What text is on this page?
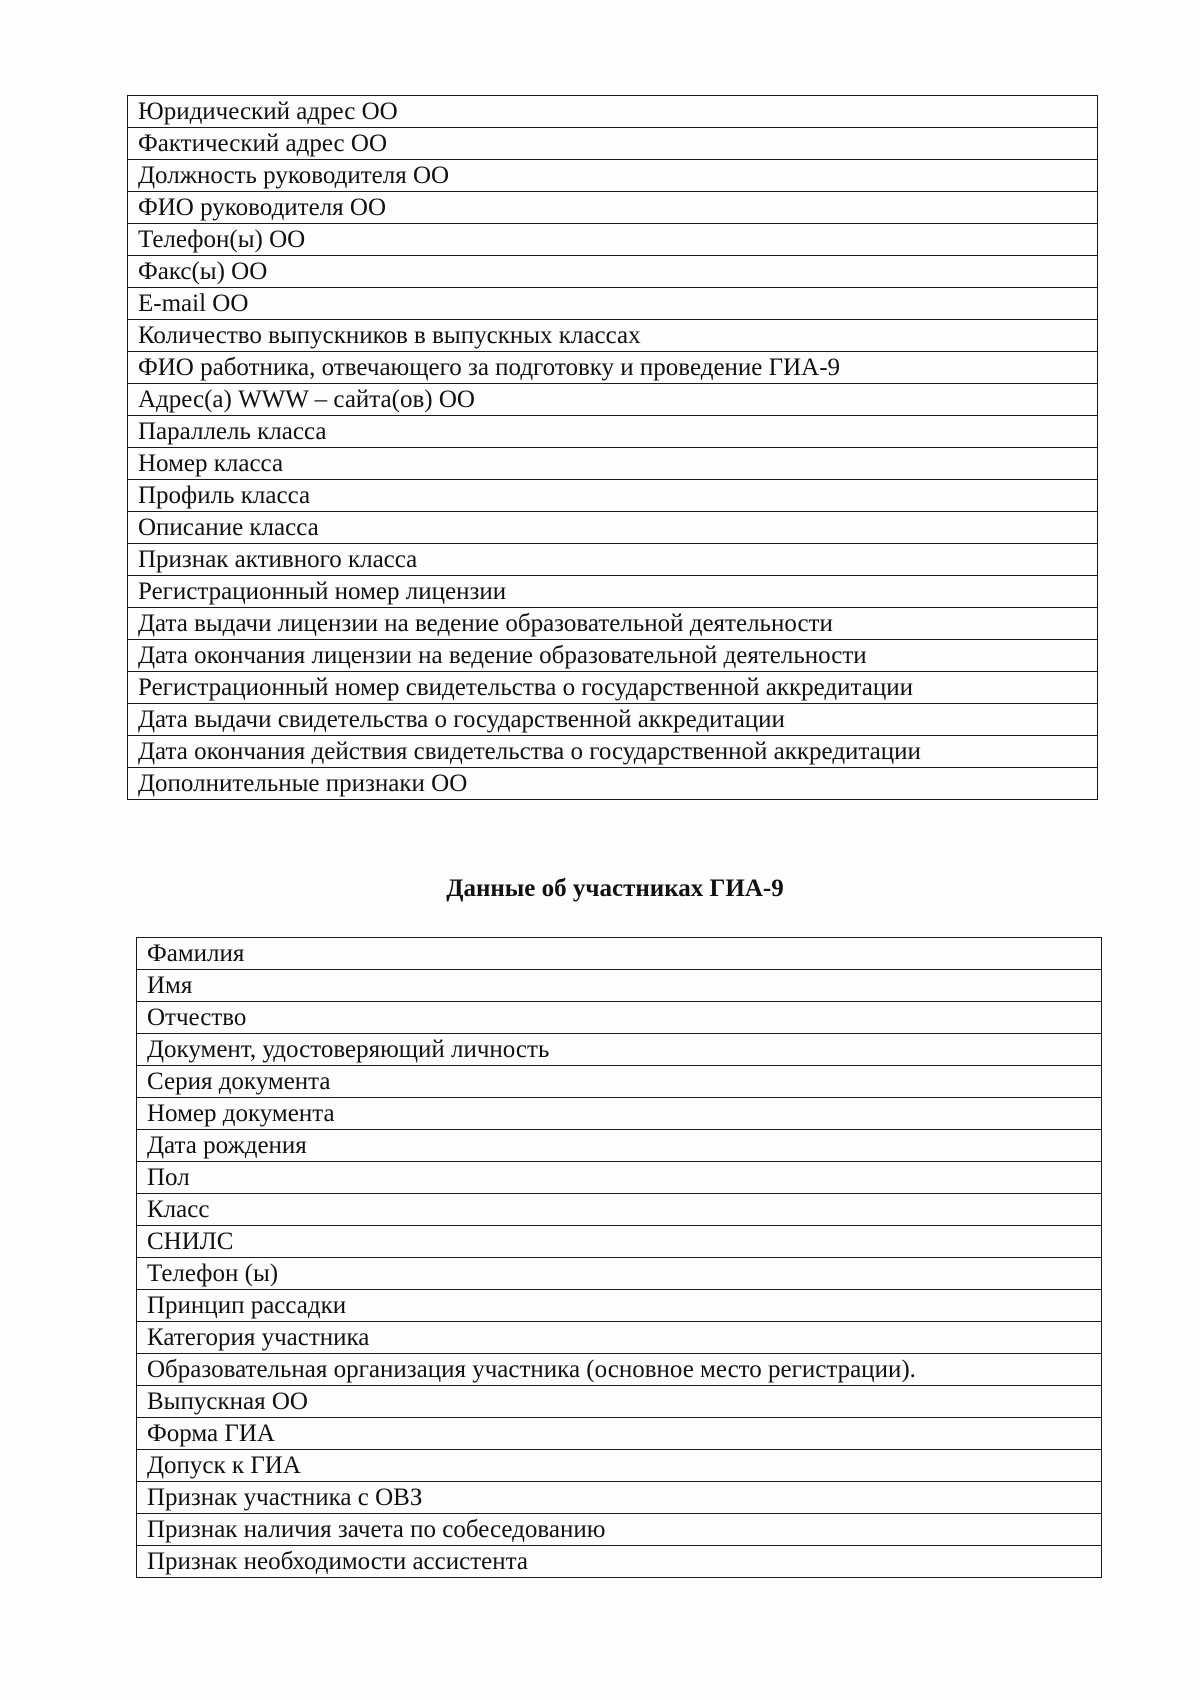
Юридический адрес ОО
Фактический адрес ОО
Должность руководителя ОО
ФИО руководителя ОО
Телефон(ы) ОО
Факс(ы) ОО
E-mail ОО
Количество выпускников в выпускных классах
ФИО работника, отвечающего за подготовку и проведение ГИА-9
Адрес(а) WWW – сайта(ов) ОО
Параллель класса
Номер класса
Профиль класса
Описание класса
Признак активного класса
Регистрационный номер лицензии
Дата выдачи лицензии на ведение образовательной деятельности
Дата окончания лицензии на ведение образовательной деятельности
Регистрационный номер свидетельства о государственной аккредитации
Дата выдачи свидетельства о государственной аккредитации
Дата окончания действия свидетельства о государственной аккредитации
Дополнительные признаки ОО
Данные об участниках ГИА-9
Фамилия
Имя
Отчество
Документ, удостоверяющий личность
Серия документа
Номер документа
Дата рождения
Пол
Класс
СНИЛС
Телефон (ы)
Принцип рассадки
Категория участника
Образовательная организация участника (основное место регистрации).
Выпускная ОО
Форма ГИА
Допуск к ГИА
Признак участника с ОВЗ
Признак наличия зачета по собеседованию
Признак необходимости ассистента
